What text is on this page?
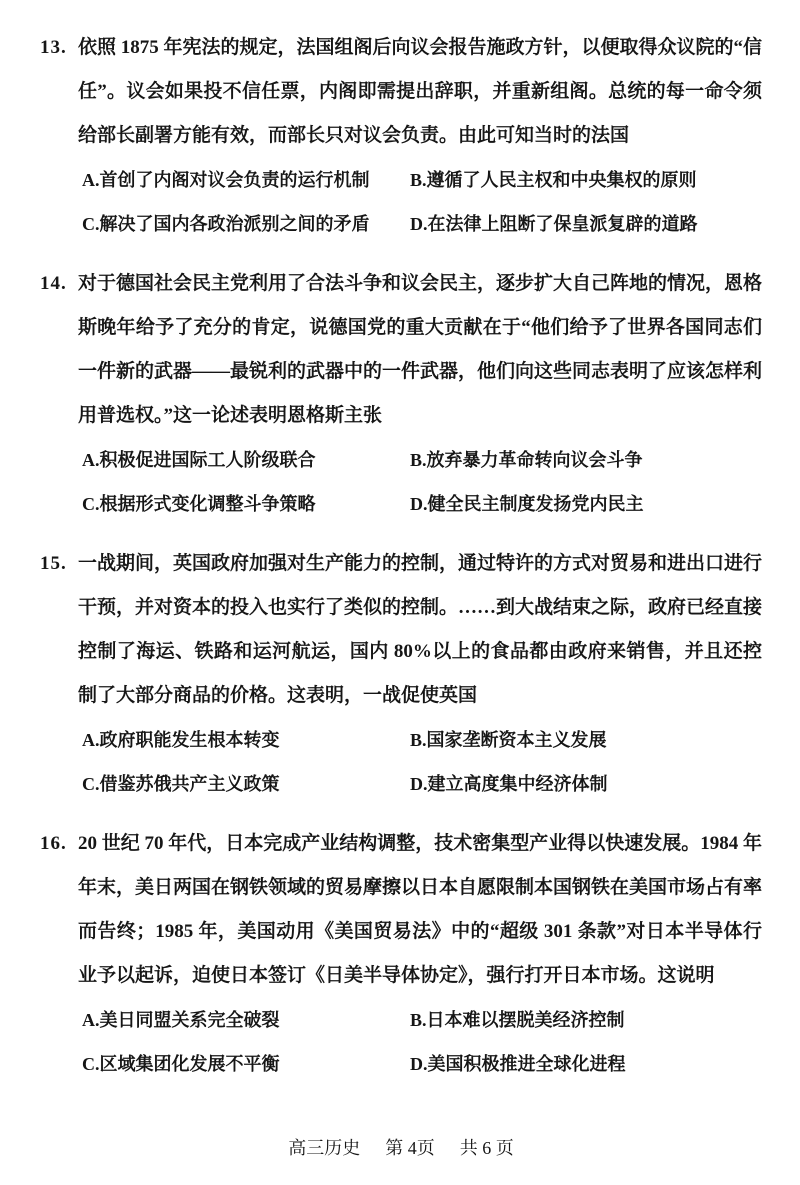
13. 依照 1875 年宪法的规定，法国组阁后向议会报告施政方针，以便取得众议院的“信任”。议会如果投不信任票，内阁即需提出辞职，并重新组阁。总统的每一命令须给部长副署方能有效，而部长只对议会负责。由此可知当时的法国

A.首创了内阁对议会负责的运行机制	B.遵循了人民主权和中央集权的原则
C.解决了国内各政治派别之间的矛盾	D.在法律上阻断了保皇派复辟的道路
14. 对于德国社会民主党利用了合法斗争和议会民主，逐步扩大自己阵地的情况，恩格斯晚年给予了充分的肯定，说德国党的重大贡献在于“他们给予了世界各国同志们一件新的武器——最锐利的武器中的一件武器，他们向这些同志表明了应该怎样利用普选权。”这一论述表明恩格斯主张

A.积极促进国际工人阶级联合	B.放弃暴力革命转向议会斗争
C.根据形式变化调整斗争策略	D.健全民主制度发扬党内民主
15. 一战期间，英国政府加强对生产能力的控制，通过特许的方式对贸易和进出口进行干预，并对资本的投入也实行了类似的控制。……到大战结束之际，政府已经直接控制了海运、铁路和运河航运，国内 80%以上的食品都由政府来销售，并且还控制了大部分商品的价格。这表明，一战促使英国

A.政府职能发生根本转变	B.国家垄断资本主义发展
C.借鉴苏俄共产主义政策	D.建立高度集中经济体制
16. 20 世纪 70 年代，日本完成产业结构调整，技术密集型产业得以快速发展。1984 年年末，美日两国在钢铁领域的贸易摩擦以日本自愿限制本国钢铁在美国市场占有率而告终；1985 年，美国动用《美国贸易法》中的“超级 301 条款”对日本半导体行业予以起诉，迫使日本签订《日美半导体协定》，强行打开日本市场。这说明

A.美日同盟关系完全破裂	B.日本难以摆脱美经济控制
C.区域集团化发展不平衡	D.美国积极推进全球化进程
高三历史 第 4页 共 6 页
